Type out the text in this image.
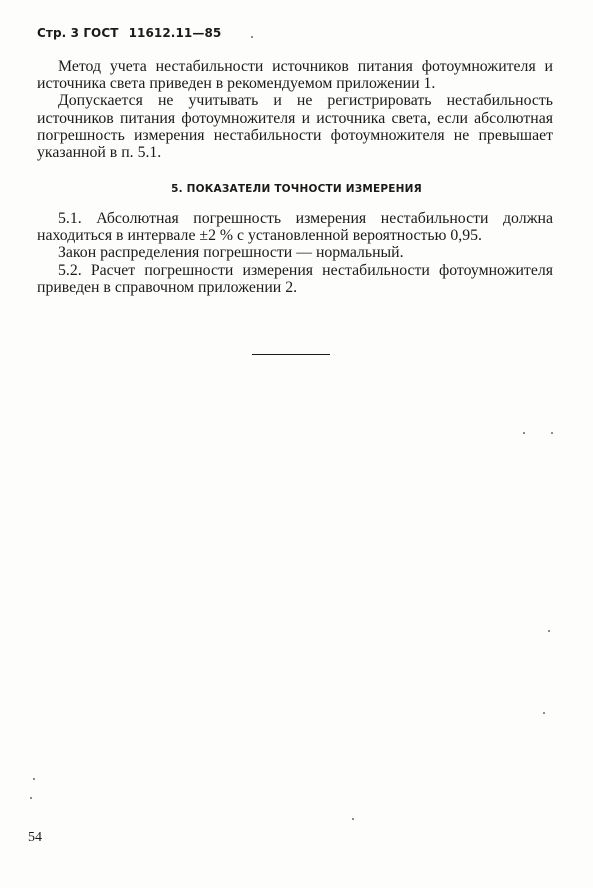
Стр. 3 ГОСТ 11612.11—85

Метод учета нестабильности источников питания фотоумножителя и источника света приведен в рекомендуемом приложении 1.

Допускается не учитывать и не регистрировать нестабильность источников питания фотоумножителя и источника света, если абсолютная погрешность измерения нестабильности фотоумножителя не превышает указанной в п. 5.1.

5. ПОКАЗАТЕЛИ ТОЧНОСТИ ИЗМЕРЕНИЯ

5.1. Абсолютная погрешность измерения нестабильности должна находиться в интервале ±2 % с установленной вероятностью 0,95.

Закон распределения погрешности — нормальный.

5.2. Расчет погрешности измерения нестабильности фотоумножителя приведен в справочном приложении 2.

54
